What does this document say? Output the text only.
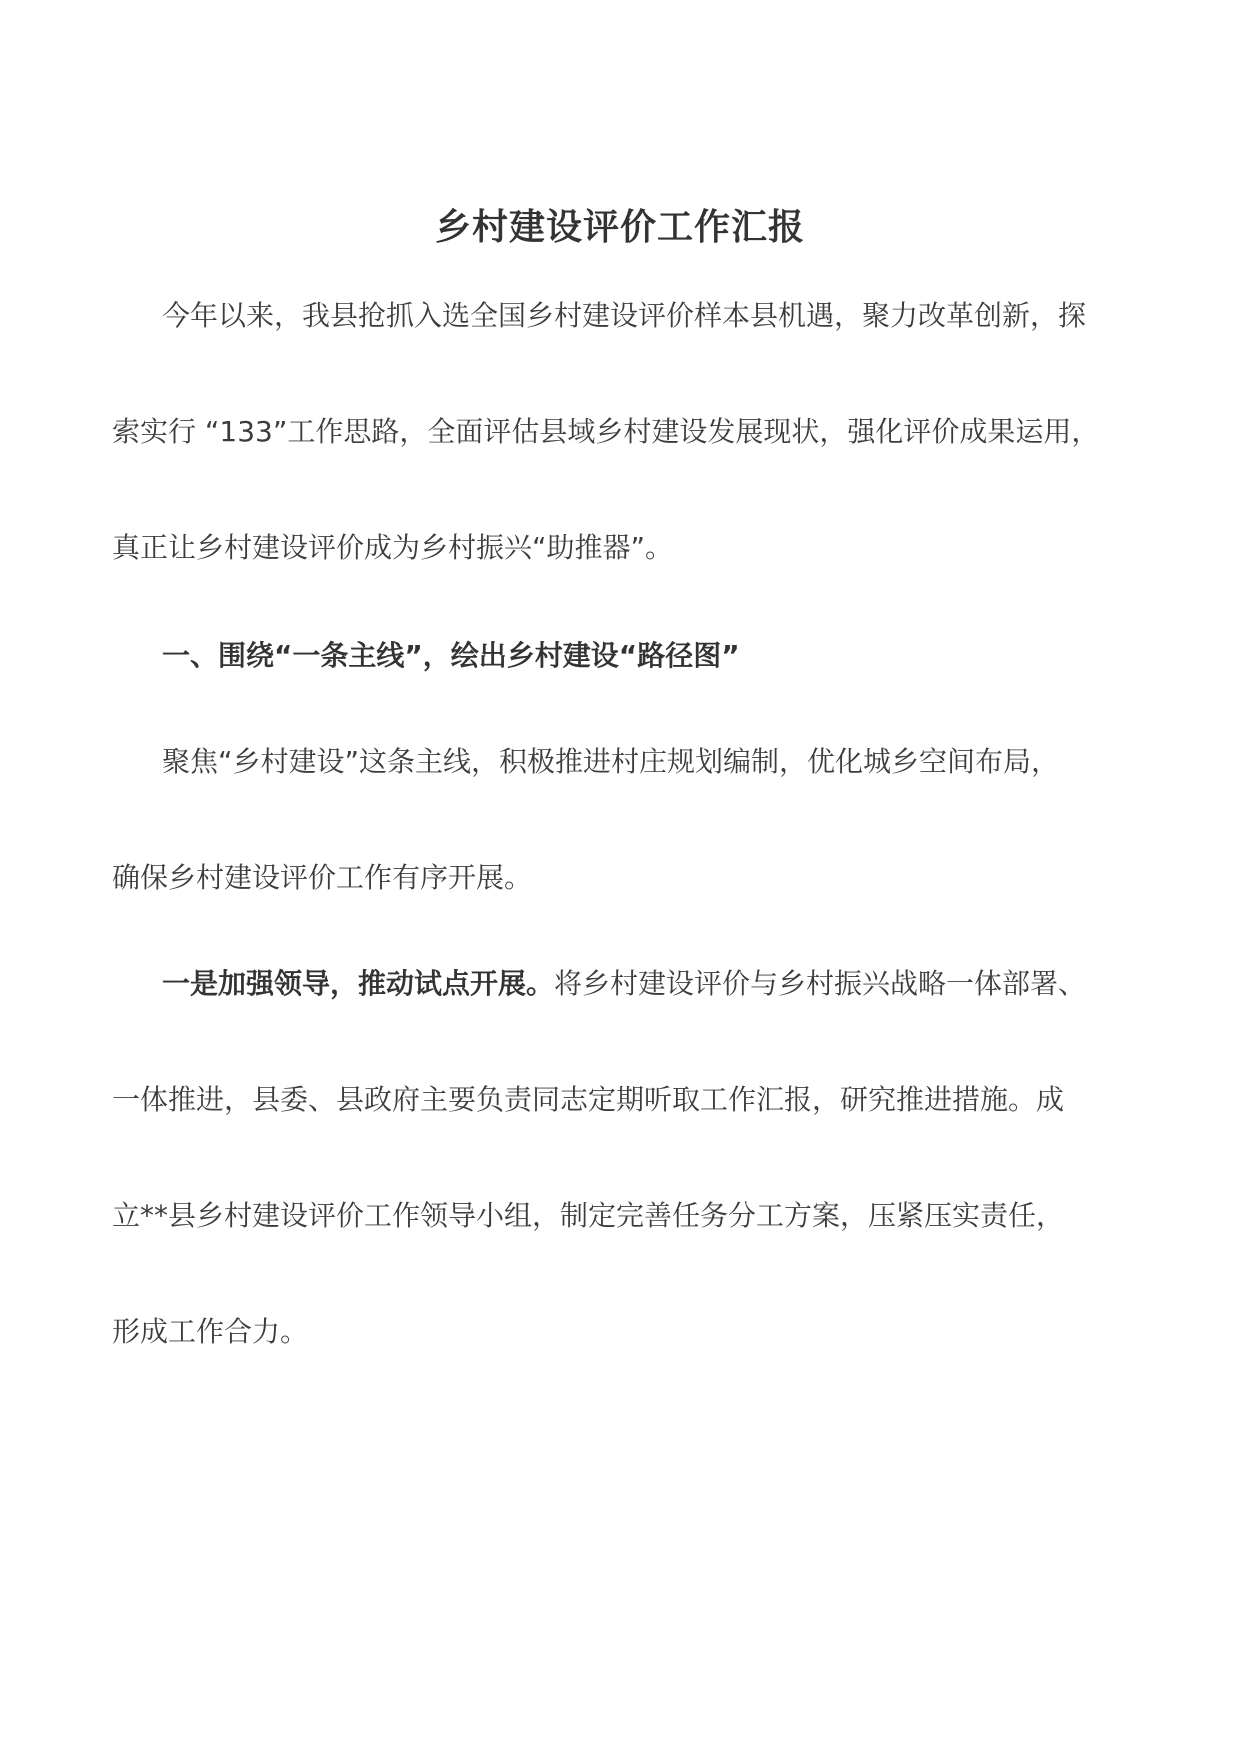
乡村建设评价工作汇报
今年以来，我县抢抓入选全国乡村建设评价样本县机遇，聚力改革创新，探
索实行 “133”工作思路，全面评估县域乡村建设发展现状，强化评价成果运用，
真正让乡村建设评价成为乡村振兴“助推器”。
一、围绕“一条主线”，绘出乡村建设“路径图”
聚焦“乡村建设”这条主线，积极推进村庄规划编制，优化城乡空间布局，
确保乡村建设评价工作有序开展。
一是加强领导，推动试点开展。将乡村建设评价与乡村振兴战略一体部署、
一体推进，县委、县政府主要负责同志定期听取工作汇报，研究推进措施。成
立**县乡村建设评价工作领导小组，制定完善任务分工方案，压紧压实责任，
形成工作合力。
